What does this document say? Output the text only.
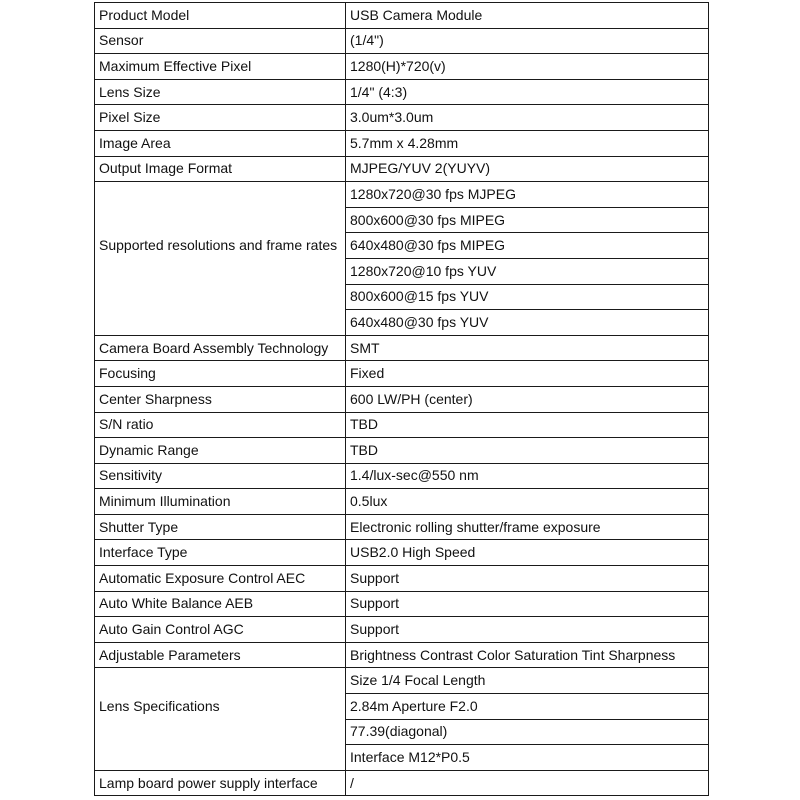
Product Model	USB Camera Module
Sensor	(1/4")
Maximum Effective Pixel	1280(H)*720(v)
Lens Size	1/4" (4:3)
Pixel Size	3.0um*3.0um
Image Area	5.7mm x 4.28mm
Output Image Format	MJPEG/YUV 2(YUYV)
	1280x720@30 fps MJPEG
	800x600@30 fps MIPEG
Supported resolutions and frame rates	640x480@30 fps MIPEG
	1280x720@10 fps YUV
	800x600@15 fps YUV
	640x480@30 fps YUV
Camera Board Assembly Technology	SMT
Focusing	Fixed
Center Sharpness	600 LW/PH (center)
S/N ratio	TBD
Dynamic Range	TBD
Sensitivity	1.4/lux-sec@550 nm
Minimum Illumination	0.5lux
Shutter Type	Electronic rolling shutter/frame exposure
Interface Type	USB2.0 High Speed
Automatic Exposure Control AEC	Support
Auto White Balance AEB	Support
Auto Gain Control AGC	Support
Adjustable Parameters	Brightness Contrast Color Saturation Tint Sharpness
	Size 1/4 Focal Length
Lens Specifications	2.84m Aperture F2.0
	77.39(diagonal)
	Interface M12*P0.5
Lamp board power supply interface	/
